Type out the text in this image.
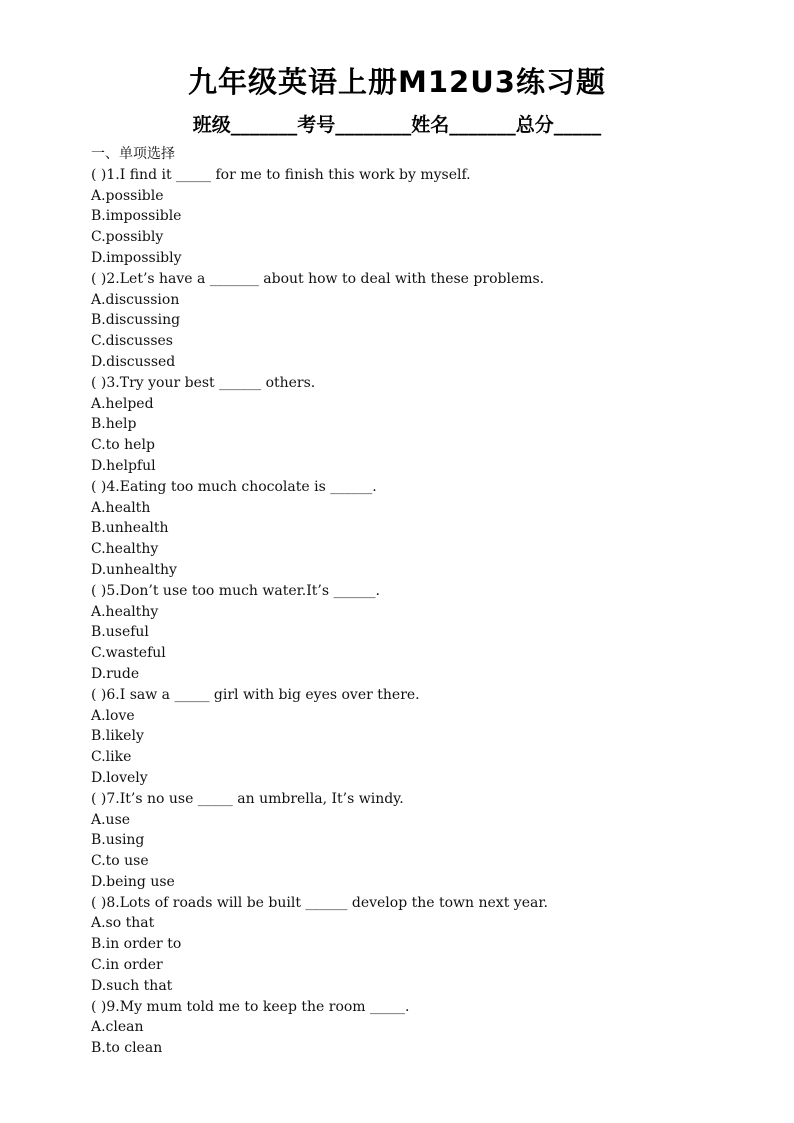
九年级英语上册M12U3练习题
班级_______考号________姓名_______总分_____
一、单项选择
( )1.I find it _____ for me to finish this work by myself.
A.possible
B.impossible
C.possibly
D.impossibly
( )2.Let’s have a _______ about how to deal with these problems.
A.discussion
B.discussing
C.discusses
D.discussed
( )3.Try your best ______ others.
A.helped
B.help
C.to help
D.helpful
( )4.Eating too much chocolate is ______.
A.health
B.unhealth
C.healthy
D.unhealthy
( )5.Don’t use too much water.It’s ______.
A.healthy
B.useful
C.wasteful
D.rude
( )6.I saw a _____ girl with big eyes over there.
A.love
B.likely
C.like
D.lovely
( )7.It’s no use _____ an umbrella, It’s windy.
A.use
B.using
C.to use
D.being use
( )8.Lots of roads will be built ______ develop the town next year.
A.so that
B.in order to
C.in order
D.such that
( )9.My mum told me to keep the room _____.
A.clean
B.to clean
